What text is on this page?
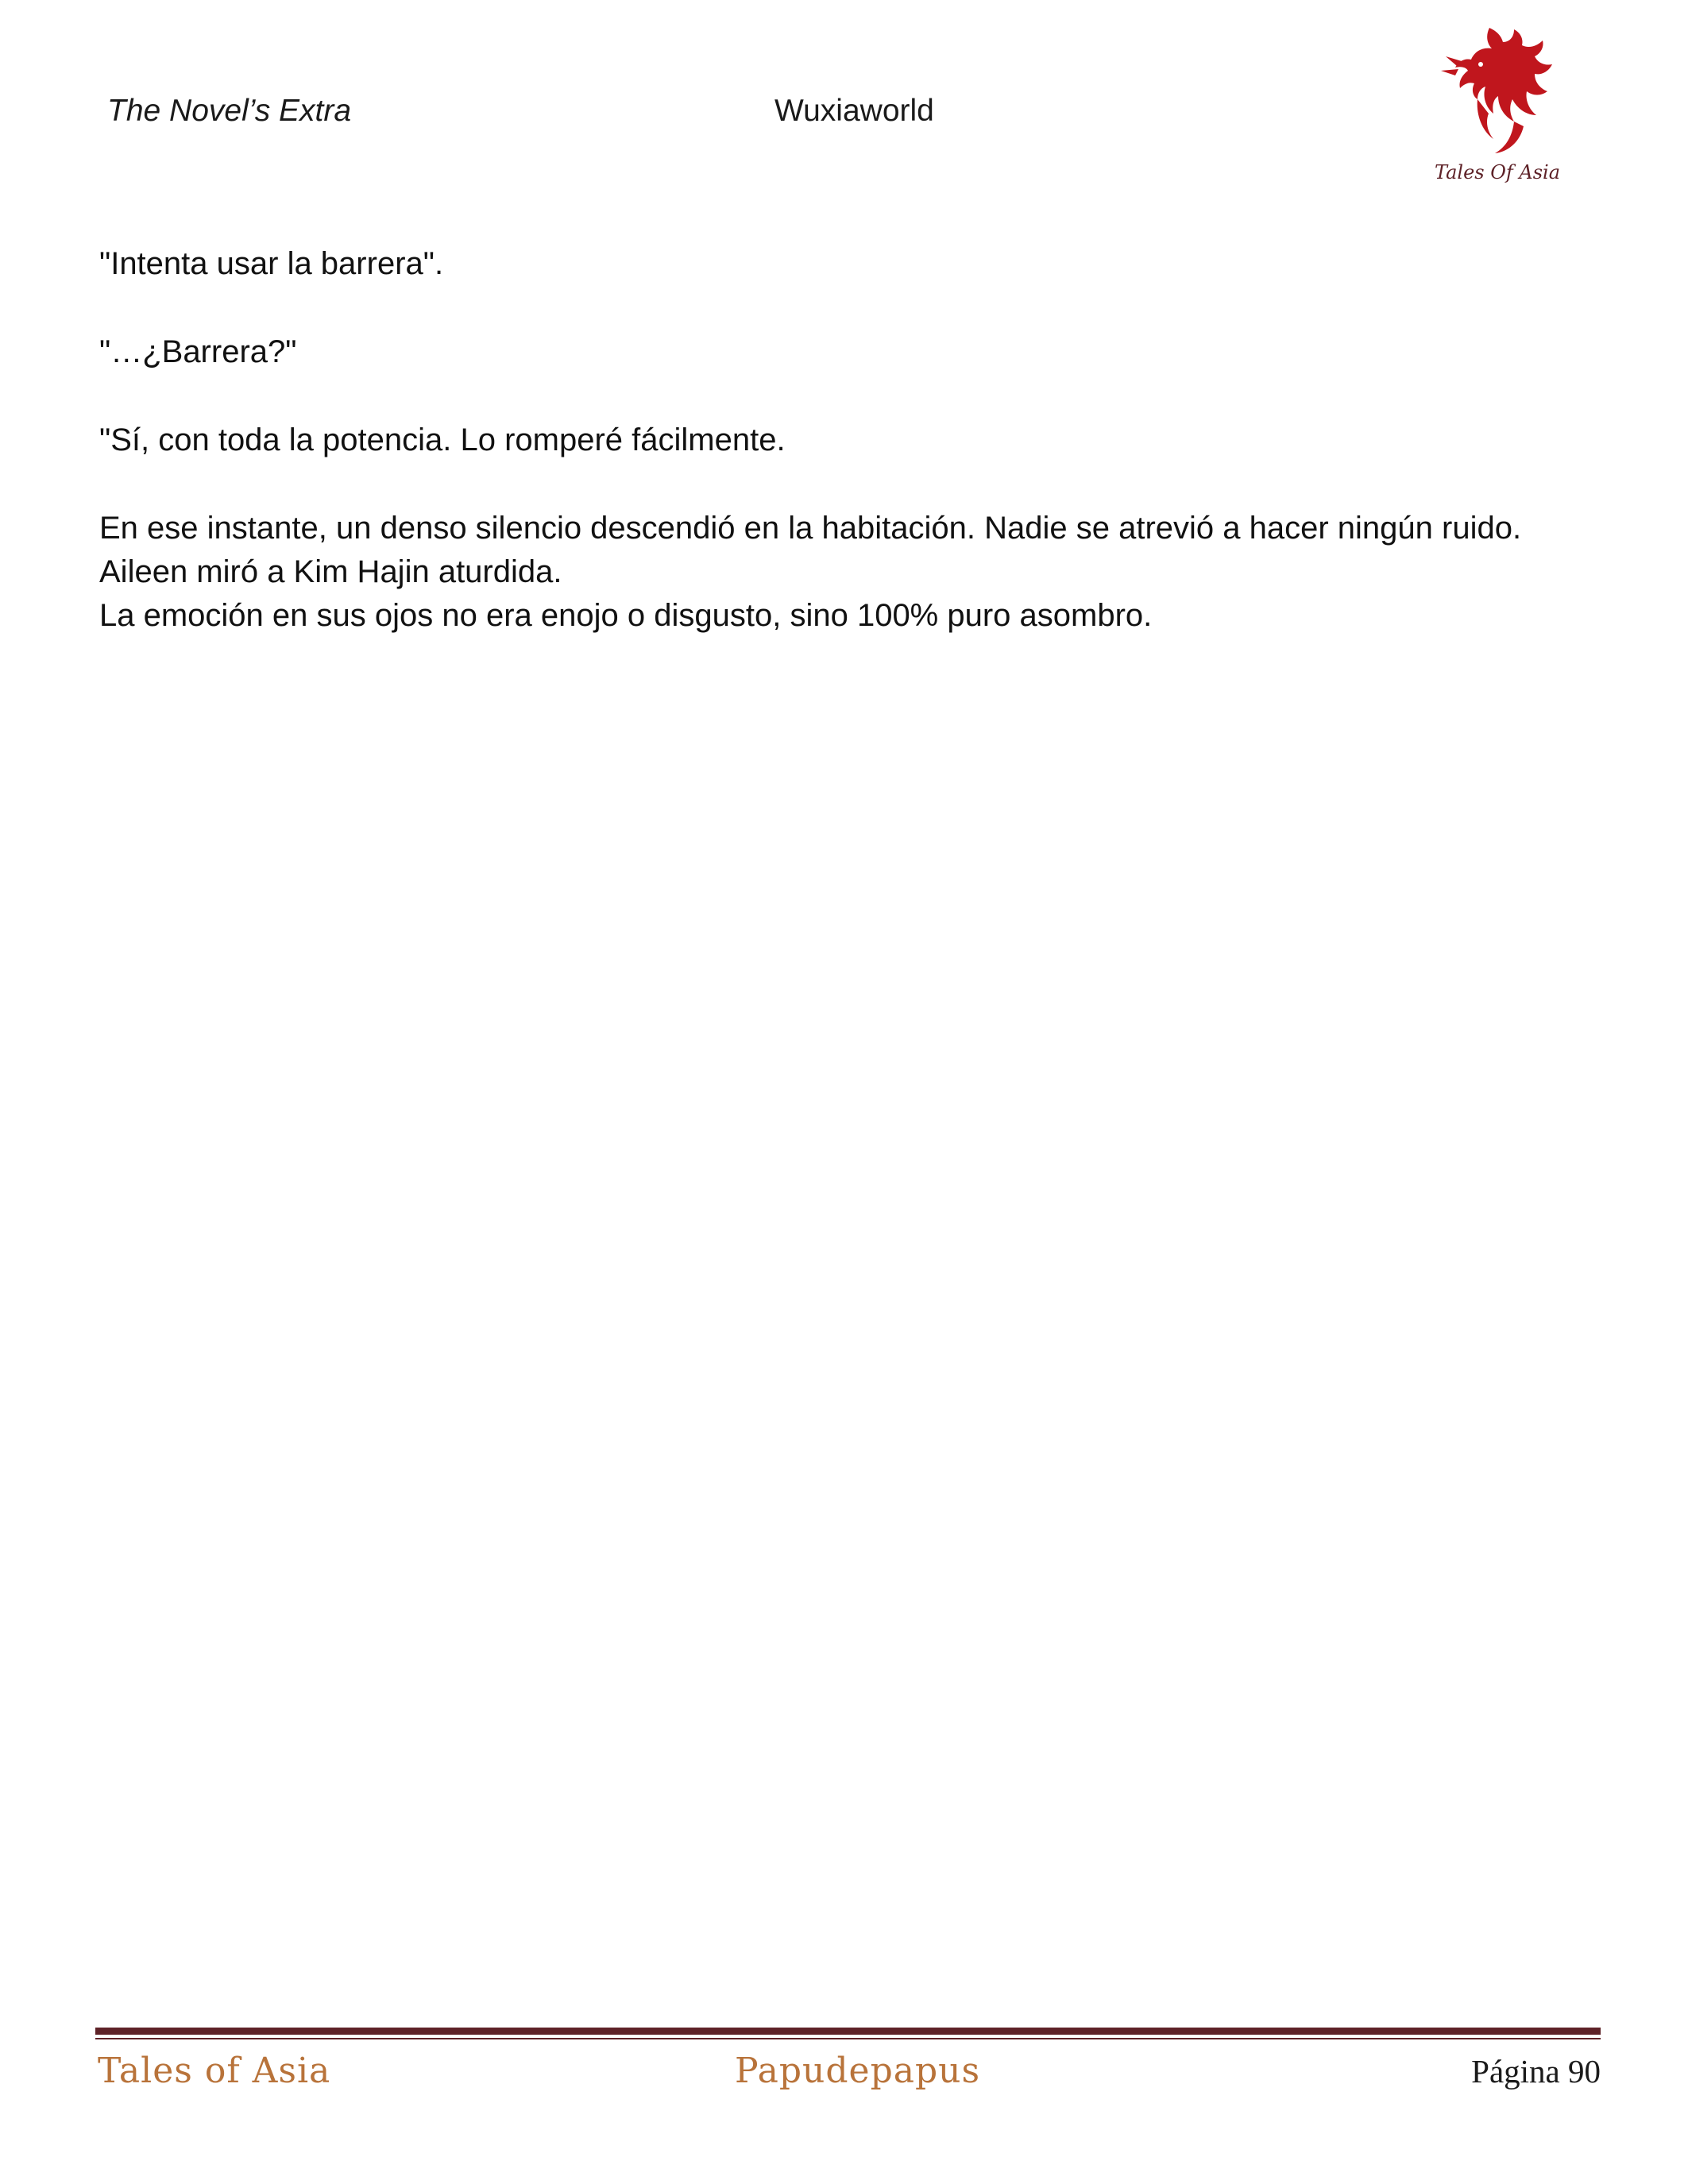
The Novel’s Extra	Wuxiaworld
Tales Of Asia

"Intenta usar la barrera".

"…¿Barrera?"

"Sí, con toda la potencia. Lo romperé fácilmente.

En ese instante, un denso silencio descendió en la habitación. Nadie se atrevió a hacer ningún ruido.

Aileen miró a Kim Hajin aturdida.

La emoción en sus ojos no era enojo o disgusto, sino 100% puro asombro.

Tales of Asia	Papudepapus	Página 90
